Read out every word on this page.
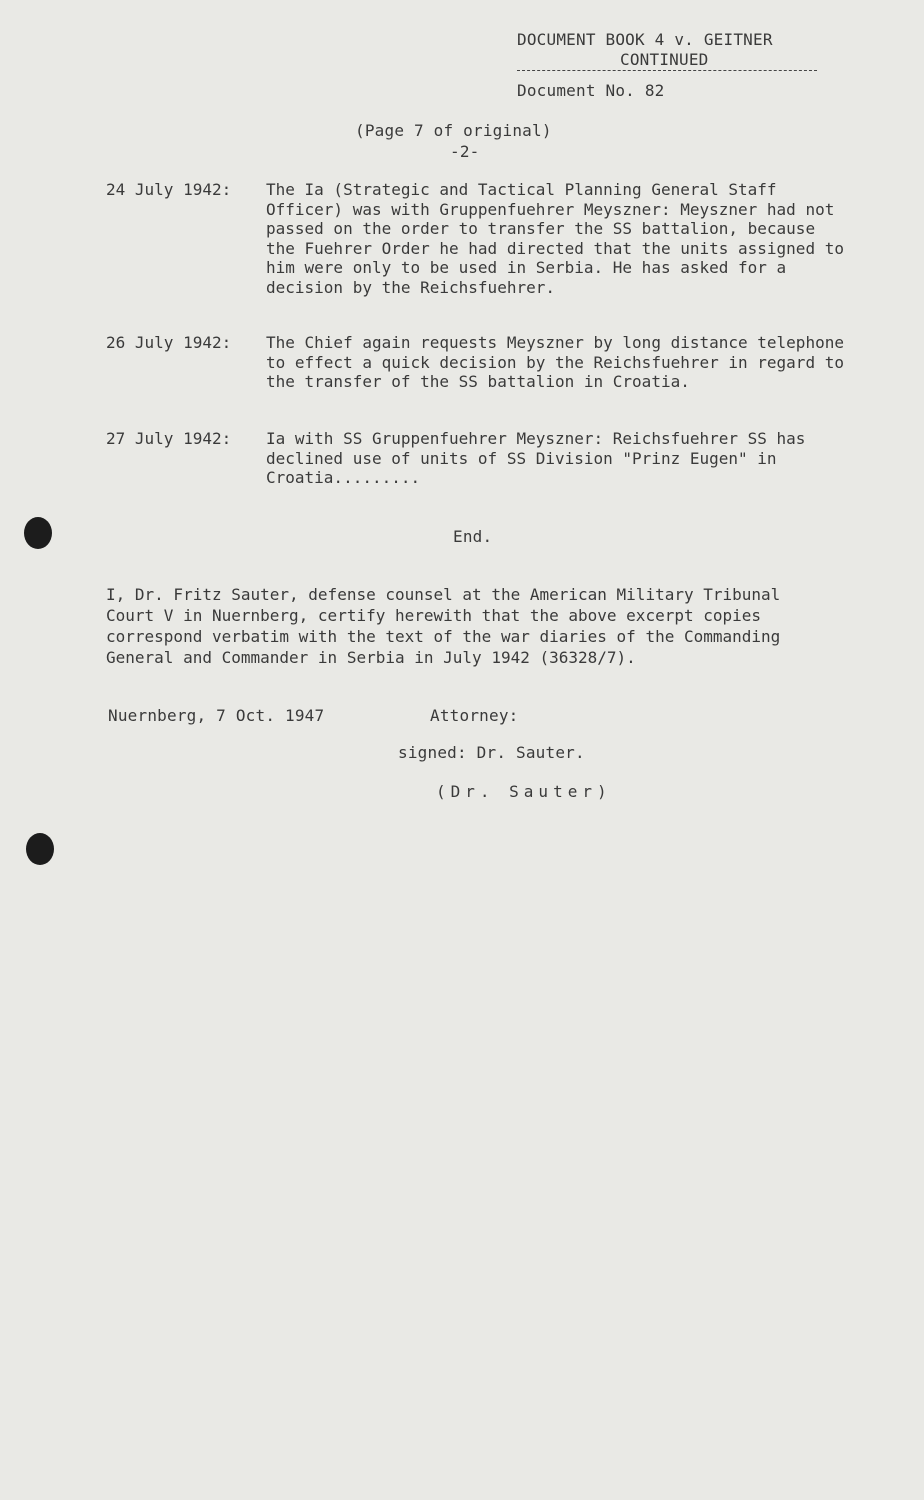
DOCUMENT BOOK 4 v. GEITNER
CONTINUED
Document No. 82
(Page 7 of original)
-2-
24 July 1942: The Ia (Strategic and Tactical Planning General Staff Officer) was with Gruppenfuehrer Meyszner: Meyszner had not passed on the order to transfer the SS battalion, because the Fuehrer Order he had directed that the units assigned to him were only to be used in Serbia. He has asked for a decision by the Reichsfuehrer.
26 July 1942: The Chief again requests Meyszner by long distance telephone to effect a quick decision by the Reichsfuehrer in regard to the transfer of the SS battalion in Croatia.
27 July 1942: Ia with SS Gruppenfuehrer Meyszner: Reichsfuehrer SS has declined use of units of SS Division "Prinz Eugen" in Croatia.........
End.
I, Dr. Fritz Sauter, defense counsel at the American Military Tribunal Court V in Nuernberg, certify herewith that the above excerpt copies correspond verbatim with the text of the war diaries of the Commanding General and Commander in Serbia in July 1942 (36328/7).
Nuernberg, 7 Oct. 1947	Attorney:
signed: Dr. Sauter.
(Dr. Sauter)
